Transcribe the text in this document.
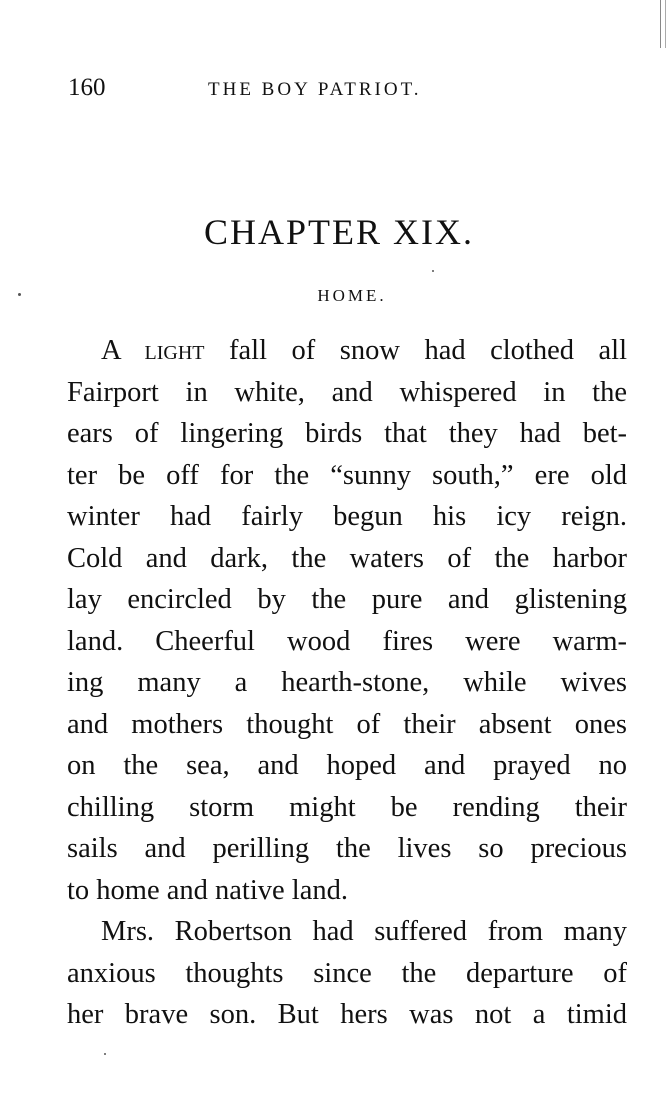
160	THE BOY PATRIOT.
CHAPTER XIX.
HOME.
A light fall of snow had clothed all
Fairport in white, and whispered in the
ears of lingering birds that they had bet-
ter be off for the “sunny south,” ere old
winter had fairly begun his icy reign.
Cold and dark, the waters of the harbor
lay encircled by the pure and glistening
land. Cheerful wood fires were warm-
ing many a hearth-stone, while wives
and mothers thought of their absent ones
on the sea, and hoped and prayed no
chilling storm might be rending their
sails and perilling the lives so precious
to home and native land.
Mrs. Robertson had suffered from many
anxious thoughts since the departure of
her brave son. But hers was not a timid
